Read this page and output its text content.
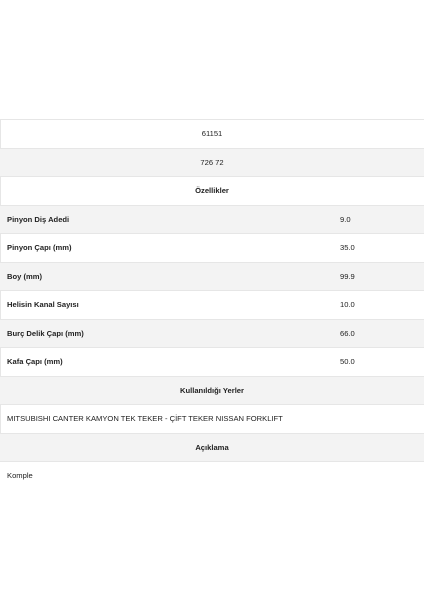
61151
726 72
Özellikler
Pinyon Diş Adedi	9.0
Pinyon Çapı (mm)	35.0
Boy (mm)	99.9
Helisin Kanal Sayısı	10.0
Burç Delik Çapı (mm)	66.0
Kafa Çapı (mm)	50.0
Kullanıldığı Yerler
MITSUBISHI CANTER KAMYON TEK TEKER - ÇİFT TEKER NISSAN FORKLIFT
Açıklama
Komple
